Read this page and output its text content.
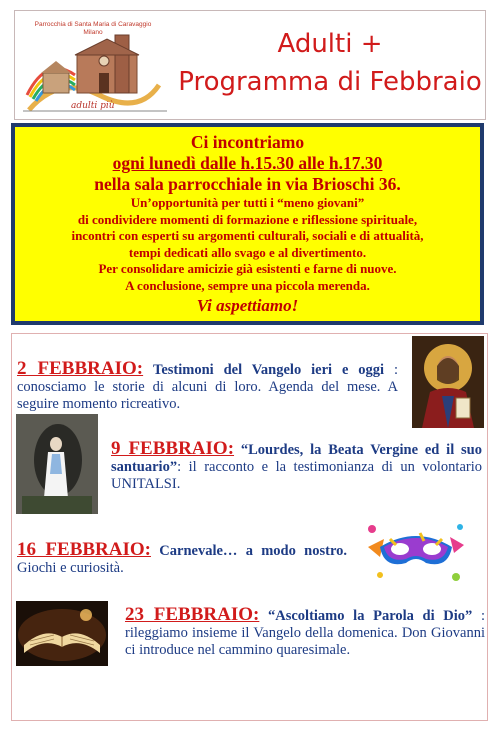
Parrocchia di Santa Maria di Caravaggio
Milano
adulti più
Adulti +
Programma di Febbraio
Ci incontriamo
ogni lunedì dalle h.15.30 alle h.17.30
nella sala parrocchiale in via Brioschi 36.
Un’opportunità per tutti i “meno giovani”
di condividere momenti di formazione e riflessione spirituale,
incontri con esperti su argomenti culturali, sociali e di attualità,
tempi dedicati allo svago e al divertimento.
Per consolidare amicizie già esistenti e farne di nuove.
A conclusione, sempre una piccola merenda.
Vi aspettiamo!
2 FEBBRAIO: Testimoni del Vangelo ieri e oggi : conosciamo le storie di alcuni di loro. Agenda del mese. A seguire momento ricreativo.
9 FEBBRAIO: “Lourdes, la Beata Vergine ed il suo santuario”: il racconto e la testimonianza di un volontario UNITALSI.
16 FEBBRAIO: Carnevale… a modo nostro. Giochi e curiosità.
23 FEBBRAIO: “Ascoltiamo la Parola di Dio” : rileggiamo insieme il Vangelo della domenica. Don Giovanni ci introduce nel cammino quaresimale.
